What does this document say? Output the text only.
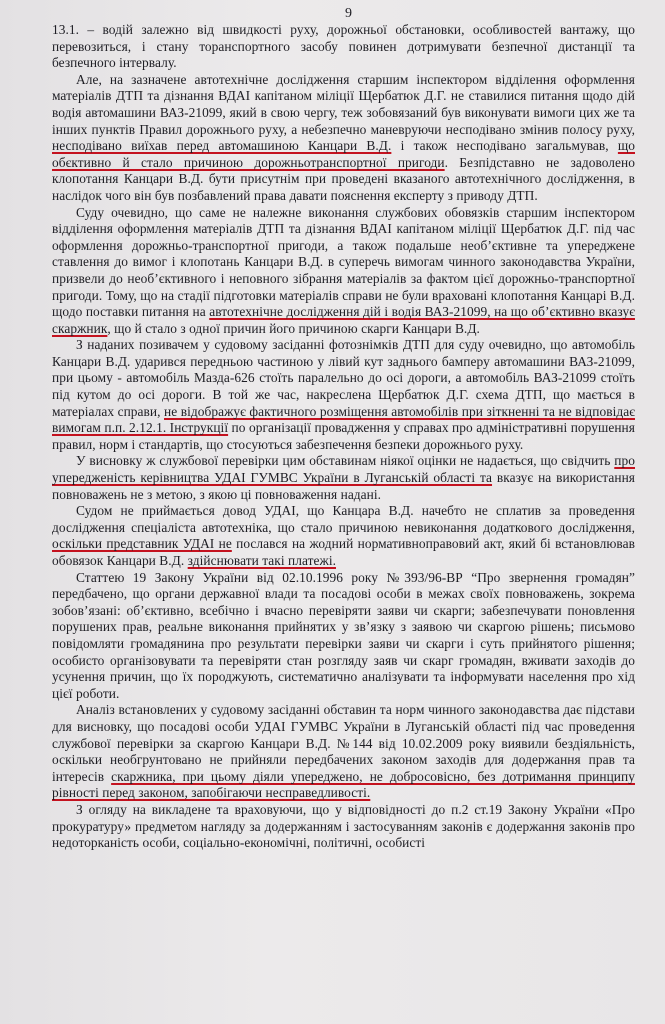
9

13.1. – водій залежно від швидкості руху, дорожньої обстановки, особливостей вантажу, що перевозиться, і стану торанспортного засобу повинен дотримувати безпечної дистанції та безпечного інтервалу.

Але, на зазначене автотехнічне дослідження старшим інспектором відділення оформлення матеріалів ДТП та дізнання ВДАІ капітаном міліції Щербатюк Д.Г. не ставилися питання щодо дій водія автомашини ВАЗ-21099, який в свою чергу, теж зобовязаний був виконувати вимоги цих же та інших пунктів Правил дорожнього руху, а небезпечно маневруючи несподівано змінив полосу руху, несподівано виїхав перед автомашиною Канцари В.Д. і також несподівано загальмував, що обєктивно й стало причиною дорожньотранспортної пригоди. Безпідставно не задоволено клопотання Канцари В.Д. бути присутнім при проведені вказаного автотехнічного дослідження, в наслідок чого він був позбавлений права давати пояснення експерту з приводу ДТП.

Суду очевидно, що саме не належне виконання службових обовязків старшим інспектором відділення оформлення матеріалів ДТП та дізнання ВДАІ капітаном міліції Щербатюк Д.Г. під час оформлення дорожньо-транспортної пригоди, а також подальше необ’єктивне та упереджене ставлення до вимог і клопотань Канцари В.Д. в суперечь вимогам чинного законодавства України, призвели до необ’єктивного і неповного зібрання матеріалів за фактом цієї дорожньо-транспортної пригоди. Тому, що на стадії підготовки матеріалів справи не були враховані клопотання Канцарі В.Д. щодо поставки питання на автотехнічне дослідження дій і водія ВАЗ-21099, на що об’єктивно вказує скаржник, що й стало з одної причин його причиною скарги Канцари В.Д.

З наданих позивачем у судовому засіданні фотознімків ДТП для суду очевидно, що автомобіль Канцари В.Д. ударився передньою частиною у лівий кут заднього бамперу автомашини ВАЗ-21099, при цьому - автомобіль Мазда-626 стоїть паралельно до осі дороги, а автомобіль ВАЗ-21099 стоїть під кутом до осі дороги. В той же час, накреслена Щербатюк Д.Г. схема ДТП, що мається в матеріалах справи, не відображує фактичного розміщення автомобілів при зіткненні та не відповідає вимогам п.п. 2.12.1. Інструкції по організації провадження у справах про адміністративні порушення правил, норм і стандартів, що стосуються забезпечення безпеки дорожнього руху.

У висновку ж службової перевірки цим обставинам ніякої оцінки не надається, що свідчить про упередженість керівництва УДАІ ГУМВС України в Луганській області та вказує на використання повноважень не з метою, з якою ці повноваження надані.

Судом не приймається довод УДАІ, що Канцара В.Д. начебто не сплатив за проведення дослідження спеціаліста автотехніка, що стало причиною невиконання додаткового дослідження, оскільки представник УДАІ не послався на жодний нормативноправовий акт, який бі встановлював обовязок Канцари В.Д. здійснювати такі платежі.

Статтею 19 Закону України від 02.10.1996 року №393/96-ВР “Про звернення громадян” передбачено, що органи державної влади та посадові особи в межах своїх повноважень, зокрема зобов’язані: об’єктивно, всебічно і вчасно перевіряти заяви чи скарги; забезпечувати поновлення порушених прав, реальне виконання прийнятих у зв’язку з заявою чи скаргою рішень; письмово повідомляти громадянина про результати перевірки заяви чи скарги і суть прийнятого рішення; особисто організовувати та перевіряти стан розгляду заяв чи скарг громадян, вживати заходів до усунення причин, що їх породжують, систематично аналізувати та інформувати населення про хід цієї роботи.

Аналіз встановлених у судовому засіданні обставин та норм чинного законодавства дає підстави для висновку, що посадові особи УДАІ ГУМВС України в Луганській області під час проведення службової перевірки за скаргою Канцари В.Д. №144 від 10.02.2009 року виявили бездіяльність, оскільки необгрунтовано не прийняли передбачених законом заходів для додержання прав та інтересів скаржника, при цьому діяли упереджено, не добросовісно, без дотримання принципу рівності перед законом, запобігаючи несправедливості.

З огляду на викладене та враховуючи, що у відповідності до п.2 ст.19 Закону України «Про прокуратуру» предметом нагляду за додержанням і застосуванням законів є додержання законів про недоторканість особи, соціально-економічні, політичні, особисті
